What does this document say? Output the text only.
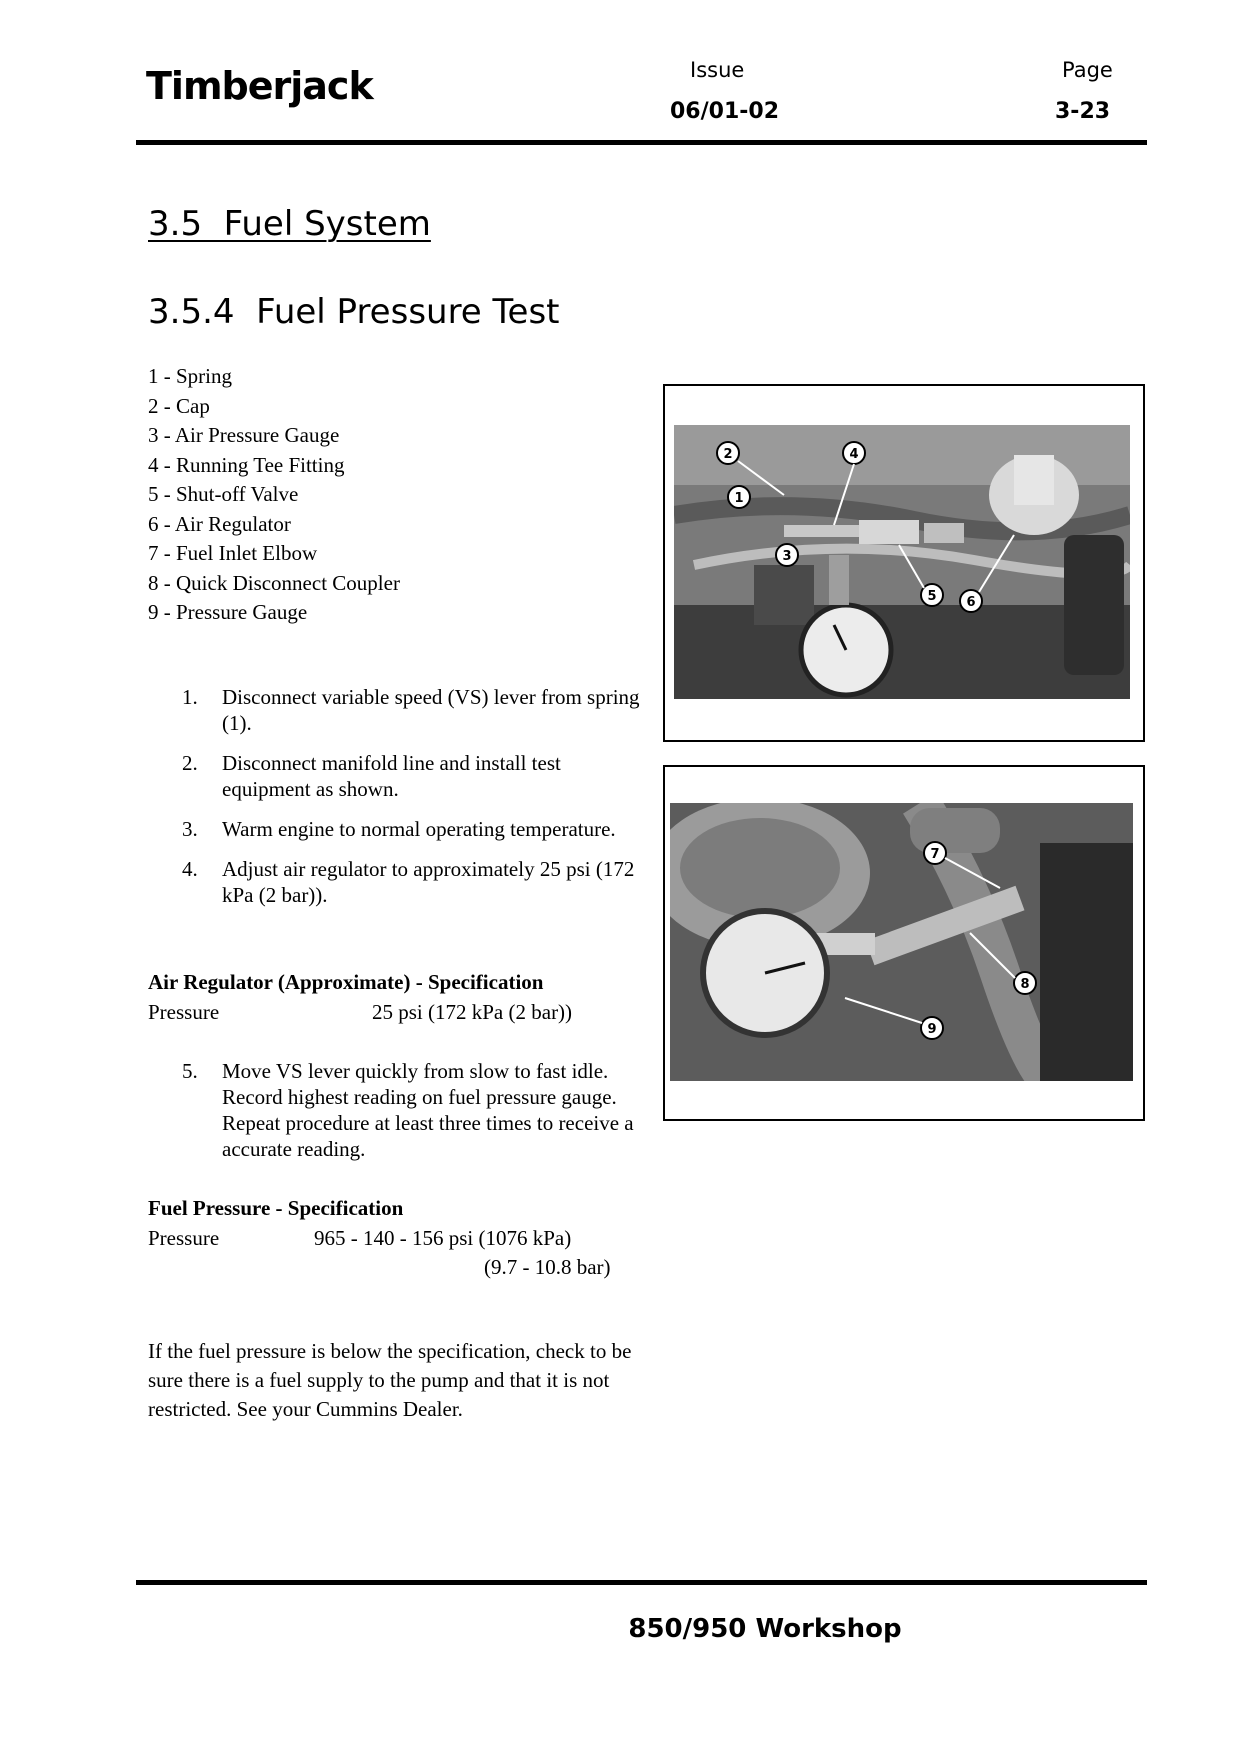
Timberjack	Issue
06/01-02
Page
3-23
3.5  Fuel System
3.5.4  Fuel Pressure Test
1 - Spring
2 - Cap
3 - Air Pressure Gauge
4 - Running Tee Fitting
5 - Shut-off Valve
6 - Air Regulator
7 - Fuel Inlet Elbow
8 - Quick Disconnect Coupler
9 - Pressure Gauge
1.	Disconnect variable speed (VS) lever from spring (1).
2.	Disconnect manifold line and install test equipment as shown.
3.	Warm engine to normal operating temperature.
4.	Adjust air regulator to approximately 25 psi (172 kPa (2 bar)).
Air Regulator (Approximate) - Specification
Pressure	25 psi (172 kPa (2 bar))
5.	Move VS lever quickly from slow to fast idle. Record highest reading on fuel pressure gauge. Repeat procedure at least three times to receive a accurate reading.
Fuel Pressure - Specification
Pressure	965 - 140 - 156 psi (1076 kPa)
(9.7 - 10.8 bar)

If the fuel pressure is below the specification, check to be sure there is a fuel supply to the pump and that it is not restricted. See your Cummins Dealer.

1
2
3
4
5 6
7
8
9
850/950 Workshop
